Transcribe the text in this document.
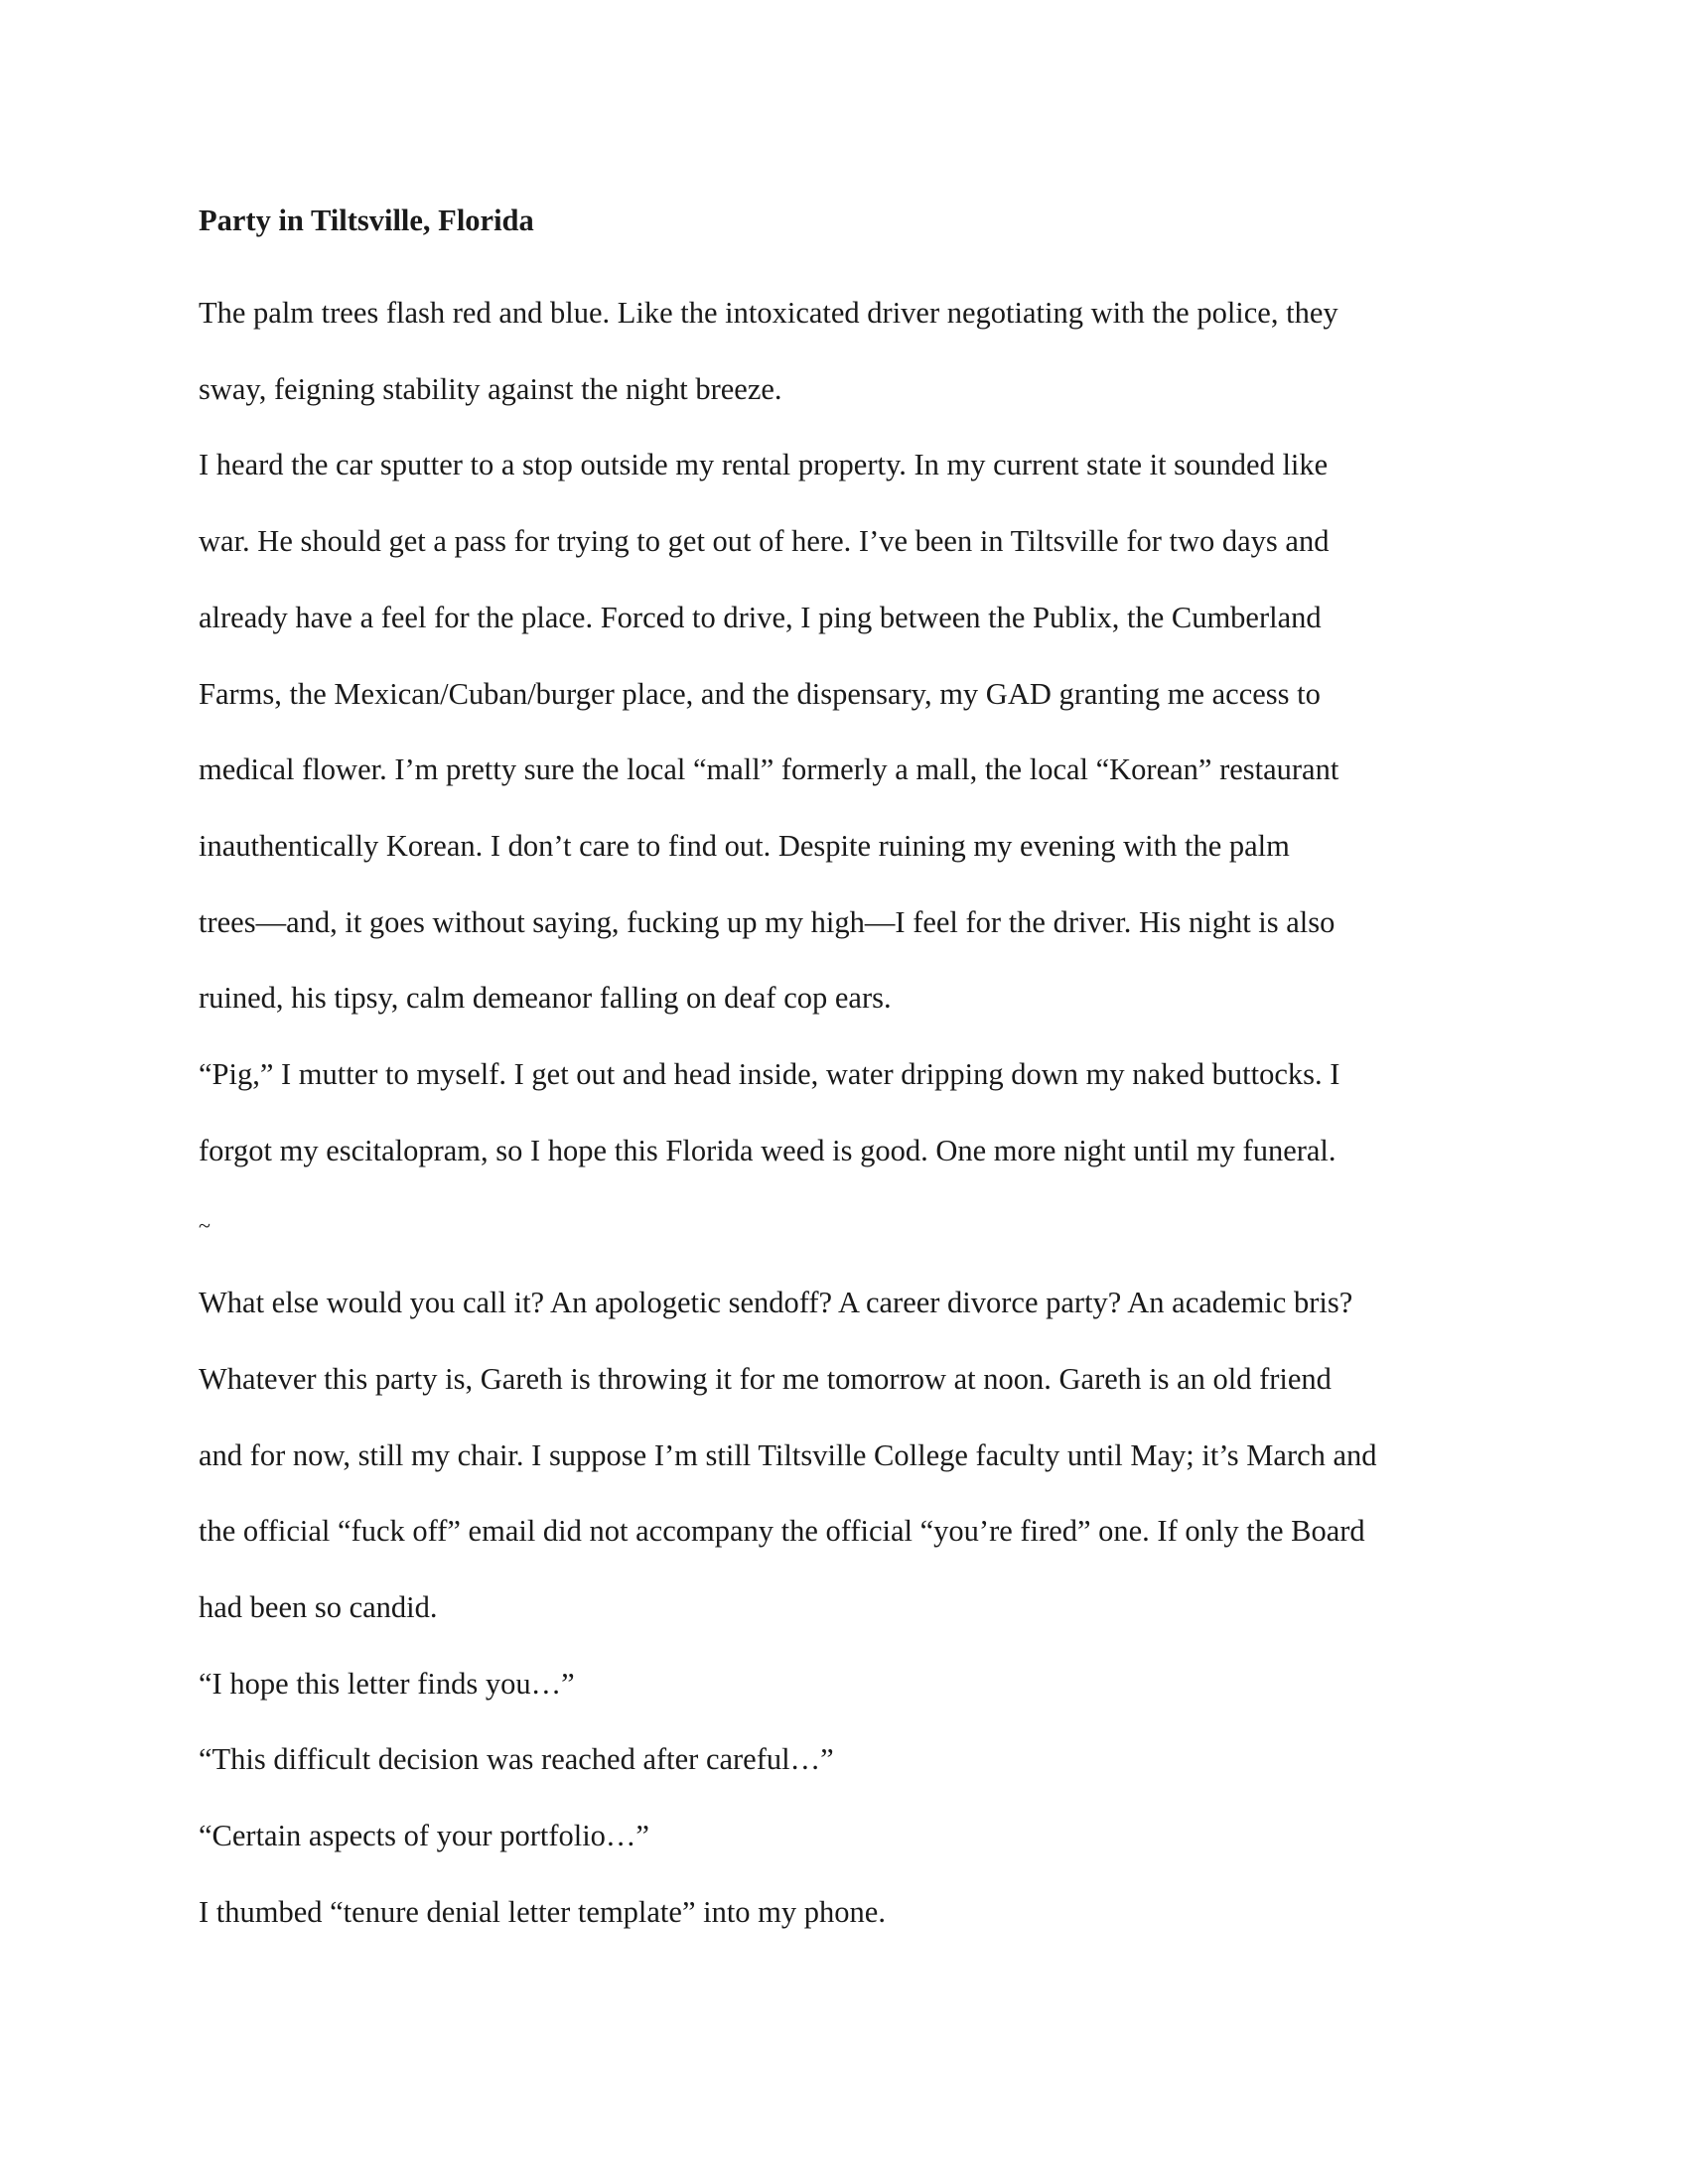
Party in Tiltsville, Florida
The palm trees flash red and blue. Like the intoxicated driver negotiating with the police, they
sway, feigning stability against the night breeze.
I heard the car sputter to a stop outside my rental property. In my current state it sounded like
war. He should get a pass for trying to get out of here. I’ve been in Tiltsville for two days and
already have a feel for the place. Forced to drive, I ping between the Publix, the Cumberland
Farms, the Mexican/Cuban/burger place, and the dispensary, my GAD granting me access to
medical flower. I’m pretty sure the local “mall” formerly a mall, the local “Korean” restaurant
inauthentically Korean. I don’t care to find out. Despite ruining my evening with the palm
trees—and, it goes without saying, fucking up my high—I feel for the driver. His night is also
ruined, his tipsy, calm demeanor falling on deaf cop ears.
“Pig,” I mutter to myself. I get out and head inside, water dripping down my naked buttocks. I
forgot my escitalopram, so I hope this Florida weed is good. One more night until my funeral.
~
What else would you call it? An apologetic sendoff? A career divorce party? An academic bris?
Whatever this party is, Gareth is throwing it for me tomorrow at noon. Gareth is an old friend
and for now, still my chair. I suppose I’m still Tiltsville College faculty until May; it’s March and
the official “fuck off” email did not accompany the official “you’re fired” one. If only the Board
had been so candid.
“I hope this letter finds you…”
“This difficult decision was reached after careful…”
“Certain aspects of your portfolio…”
I thumbed “tenure denial letter template” into my phone.
